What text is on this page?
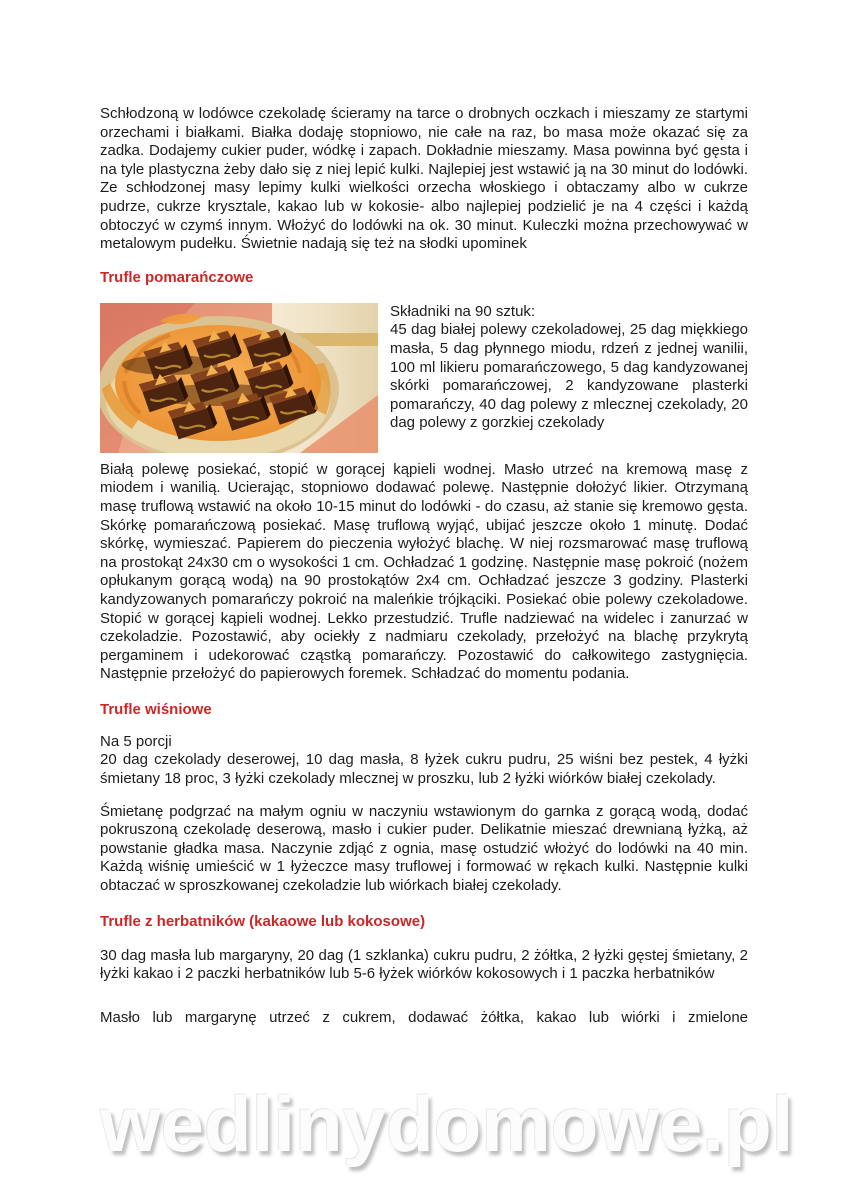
Schłodzoną w lodówce czekoladę ścieramy na tarce o drobnych oczkach i mieszamy ze startymi orzechami i białkami. Białka dodaję stopniowo, nie całe na raz, bo masa może okazać się za zadka. Dodajemy cukier puder, wódkę i zapach. Dokładnie mieszamy. Masa powinna być gęsta i na tyle plastyczna żeby dało się z niej lepić kulki. Najlepiej jest wstawić ją na 30 minut do lodówki. Ze schłodzonej masy lepimy kulki wielkości orzecha włoskiego i obtaczamy albo w cukrze pudrze, cukrze krysztale, kakao lub w kokosie- albo najlepiej podzielić je na 4 części i każdą obtoczyć w czymś innym. Włożyć do lodówki na ok. 30 minut. Kuleczki można przechowywać w metalowym pudełku. Świetnie nadają się też na słodki upominek

Trufle pomarańczowe
Składniki na 90 sztuk:
45 dag białej polewy czekoladowej, 25 dag miękkiego masła, 5 dag płynnego miodu, rdzeń z jednej wanilii, 100 ml likieru pomarańczowego, 5 dag kandyzowanej skórki pomarańczowej, 2 kandyzowane plasterki pomarańczy, 40 dag polewy z mlecznej czekolady, 20 dag polewy z gorzkiej czekolady

Białą polewę posiekać, stopić w gorącej kąpieli wodnej. Masło utrzeć na kremową masę z miodem i wanilią. Ucierając, stopniowo dodawać polewę. Następnie dołożyć likier. Otrzymaną masę truflową wstawić na około 10-15 minut do lodówki - do czasu, aż stanie się kremowo gęsta. Skórkę pomarańczową posiekać. Masę truflową wyjąć, ubijać jeszcze około 1 minutę. Dodać skórkę, wymieszać. Papierem do pieczenia wyłożyć blachę. W niej rozsmarować masę truflową na prostokąt 24x30 cm o wysokości 1 cm. Ochładzać 1 godzinę. Następnie masę pokroić (nożem opłukanym gorącą wodą) na 90 prostokątów 2x4 cm. Ochładzać jeszcze 3 godziny. Plasterki kandyzowanych pomarańczy pokroić na maleńkie trójkąciki. Posiekać obie polewy czekoladowe. Stopić w gorącej kąpieli wodnej. Lekko przestudzić. Trufle nadziewać na widelec i zanurzać w czekoladzie. Pozostawić, aby ociekły z nadmiaru czekolady, przełożyć na blachę przykrytą pergaminem i udekorować cząstką pomarańczy. Pozostawić do całkowitego zastygnięcia. Następnie przełożyć do papierowych foremek. Schładzać do momentu podania.

Trufle wiśniowe
Na 5 porcji
20 dag czekolady deserowej, 10 dag masła, 8 łyżek cukru pudru, 25 wiśni bez pestek, 4 łyżki śmietany 18 proc, 3 łyżki czekolady mlecznej w proszku, lub 2 łyżki wiórków białej czekolady.

Śmietanę podgrzać na małym ogniu w naczyniu wstawionym do garnka z gorącą wodą, dodać pokruszoną czekoladę deserową, masło i cukier puder. Delikatnie mieszać drewnianą łyżką, aż powstanie gładka masa. Naczynie zdjąć z ognia, masę ostudzić włożyć do lodówki na 40 min. Każdą wiśnię umieścić w 1 łyżeczce masy truflowej i formować w rękach kulki. Następnie kulki obtaczać w sproszkowanej czekoladzie lub wiórkach białej czekolady.

Trufle z herbatników (kakaowe lub kokosowe)

30 dag masła lub margaryny, 20 dag (1 szklanka) cukru pudru, 2 żółtka, 2 łyżki gęstej śmietany, 2 łyżki kakao i 2 paczki herbatników lub 5-6 łyżek wiórków kokosowych i 1 paczka herbatników

Masło lub margarynę utrzeć z cukrem, dodawać żółtka, kakao lub wiórki i zmielone

wedlinydomowe.pl
